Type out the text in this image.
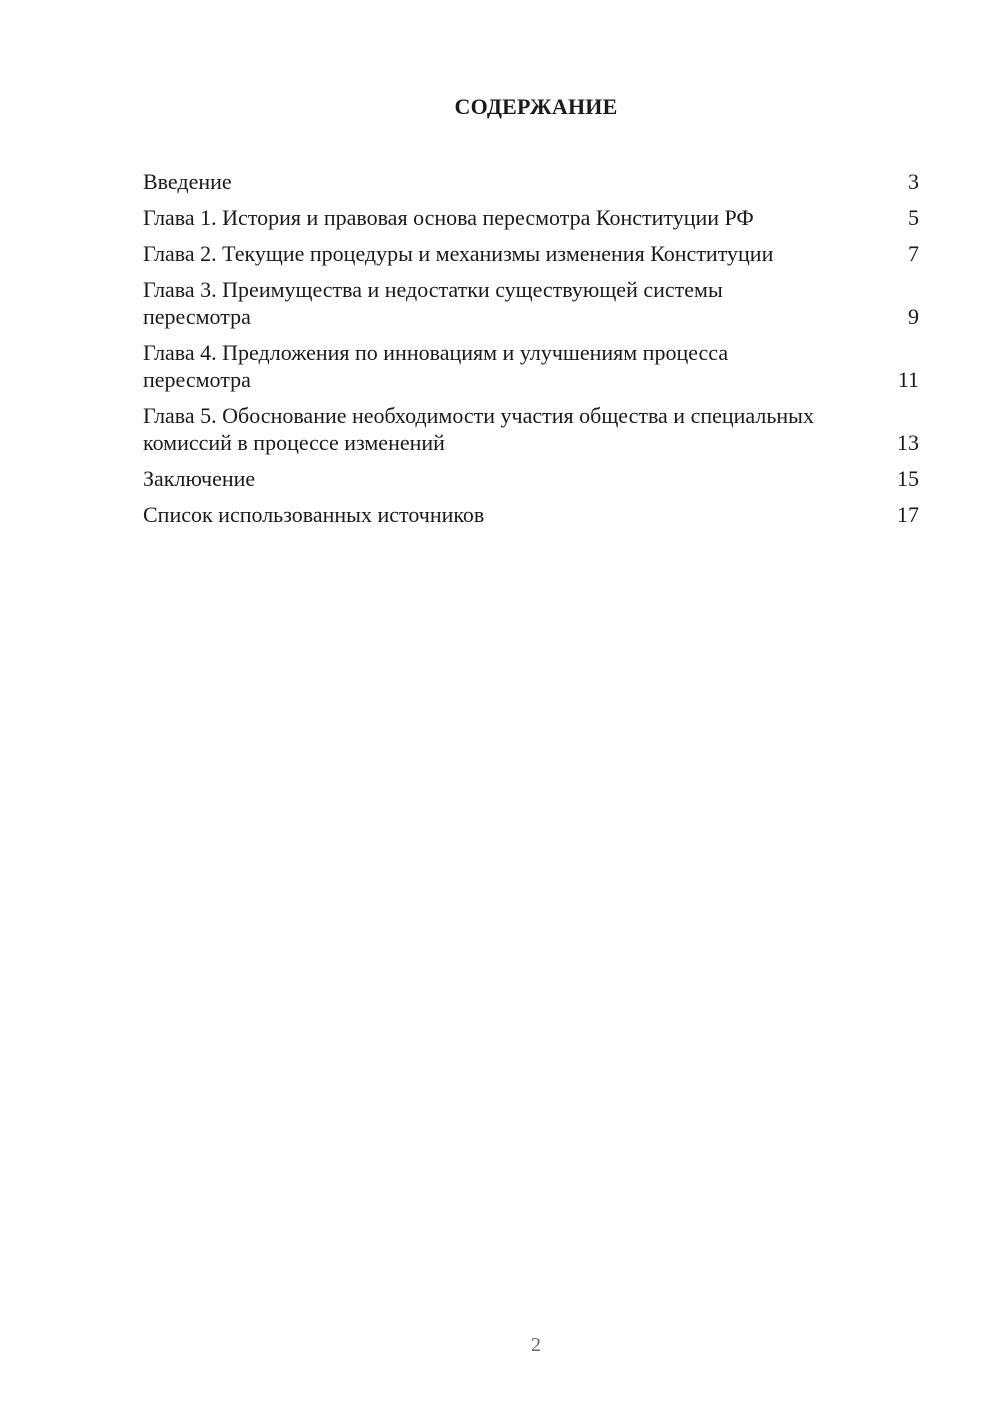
СОДЕРЖАНИЕ
Введение	3
Глава 1. История и правовая основа пересмотра Конституции РФ	5
Глава 2. Текущие процедуры и механизмы изменения Конституции	7
Глава 3. Преимущества и недостатки существующей системы пересмотра	9
Глава 4. Предложения по инновациям и улучшениям процесса пересмотра	11
Глава 5. Обоснование необходимости участия общества и специальных комиссий в процессе изменений	13
Заключение	15
Список использованных источников	17
2
